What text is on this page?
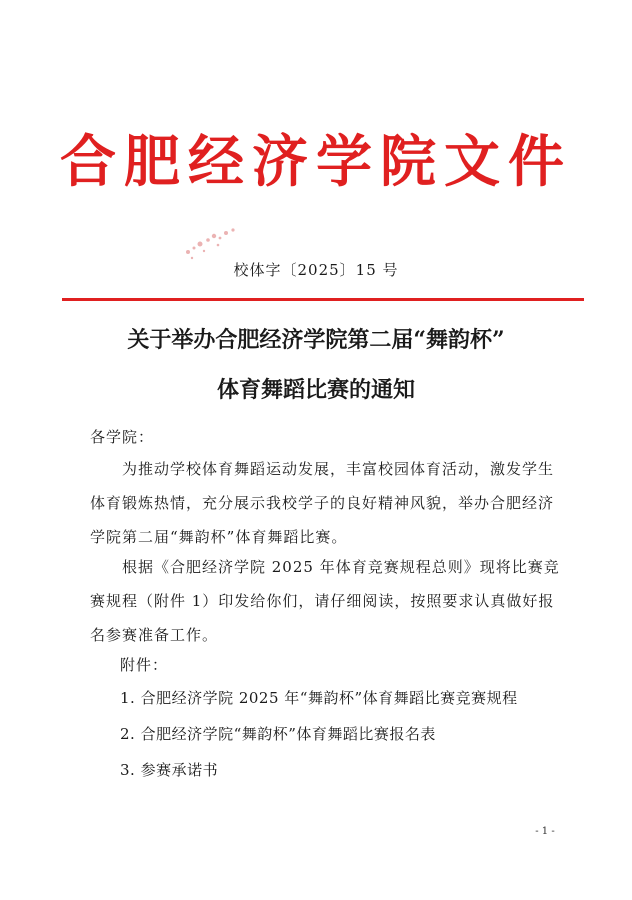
合肥经济学院文件
校体字〔2025〕15 号
关于举办合肥经济学院第二届“舞韵杯”
体育舞蹈比赛的通知
各学院：
为推动学校体育舞蹈运动发展，丰富校园体育活动，激发学生体育锻炼热情，充分展示我校学子的良好精神风貌，举办合肥经济学院第二届“舞韵杯”体育舞蹈比赛。
根据《合肥经济学院 2025 年体育竞赛规程总则》现将比赛竞赛规程（附件 1）印发给你们，请仔细阅读，按照要求认真做好报名参赛准备工作。
附件：
1. 合肥经济学院 2025 年“舞韵杯”体育舞蹈比赛竞赛规程
2. 合肥经济学院“舞韵杯”体育舞蹈比赛报名表
3. 参赛承诺书
- 1 -
